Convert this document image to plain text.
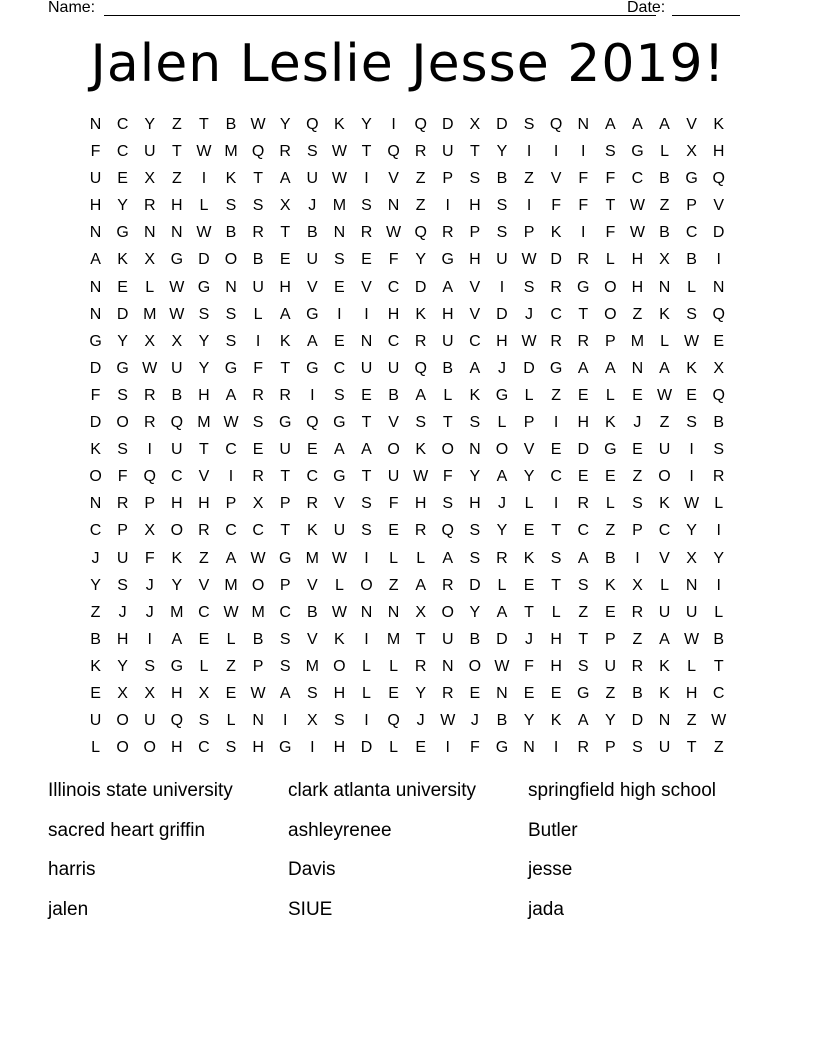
Name:	Date:
Jalen Leslie Jesse 2019!
N C Y	Z	T	B W Y Q K	Y	I	Q D X D S Q N A	A	A	V	K
F	C U	T W M Q R S W T Q R U	T	Y	I	I	I	S G	L	X H
U E	X	Z	I	K	T	A U W	I	V	Z	P	S	B	Z	V	F	F	C B G Q
H Y R H	L	S	S	X	J	M S N	Z	I	H S	I	F	F	T W Z	P	V
N G N N W B R	T	B N R W Q R P	S	P	K	I	F W B C D
A	K	X G D O B	E U S	E	F	Y G H U W D R	L	H X	B	I
N E	L W G N U H V	E	V C D A	V	I	S R G O H N	L	N
N D M W S	S	L	A G	I	I	H K H V D	J	C	T O Z	K	S Q
G Y	X	X	Y	S	I	K	A	E N C R U C H W R R P M L W E
D G W U Y G F	T G C U U Q B	A	J	D G A	A N A	K	X
F	S R B H A R R	I	S	E	B	A	L	K G	L	Z	E	L	E W E Q
D O R Q M W S G Q G T	V	S	T	S	L	P	I	H K	J	Z	S	B
K	S	I	U	T	C E U E	A	A O K O N O V	E D G E U	I	S
O F Q C V	I	R	T	C G T	U W F	Y	A	Y C E	E	Z O	I	R
N R P H H P	X	P R V	S	F	H S H	J	L	I	R	L	S	K W L
C P	X O R C C	T	K U S	E R Q S	Y	E	T	C	Z	P C Y	I
J	U	F	K	Z	A W G M W	I	L	L	A	S R K	S	A	B	I	V	X	Y
Y	S	J	Y	V M O P	V	L	O Z	A R D	L	E	T	S	K	X	L	N	I
Z	J	J	M C W M C B W N N X O Y	A	T	L	Z	E R U U	L
B H	I	A	E	L	B	S	V	K	I	M T	U B D	J	H	T	P	Z	A W B
K	Y	S G	L	Z	P	S M O	L	L	R N O W F	H S U R K	L	T
E	X	X H X	E W A	S H	L	E	Y R E N E	E G Z	B	K H C
U O U Q S	L	N	I	X	S	I	Q	J W J	B	Y	K	A	Y D N	Z W
L	O O H C S H G	I	H D	L	E	I	F G N	I	R P	S U	T	Z
Illinois state university	clark atlanta university	springfield high school
sacred heart griffin	ashleyrenee	Butler
harris	Davis	jesse
jalen	SIUE	jada
